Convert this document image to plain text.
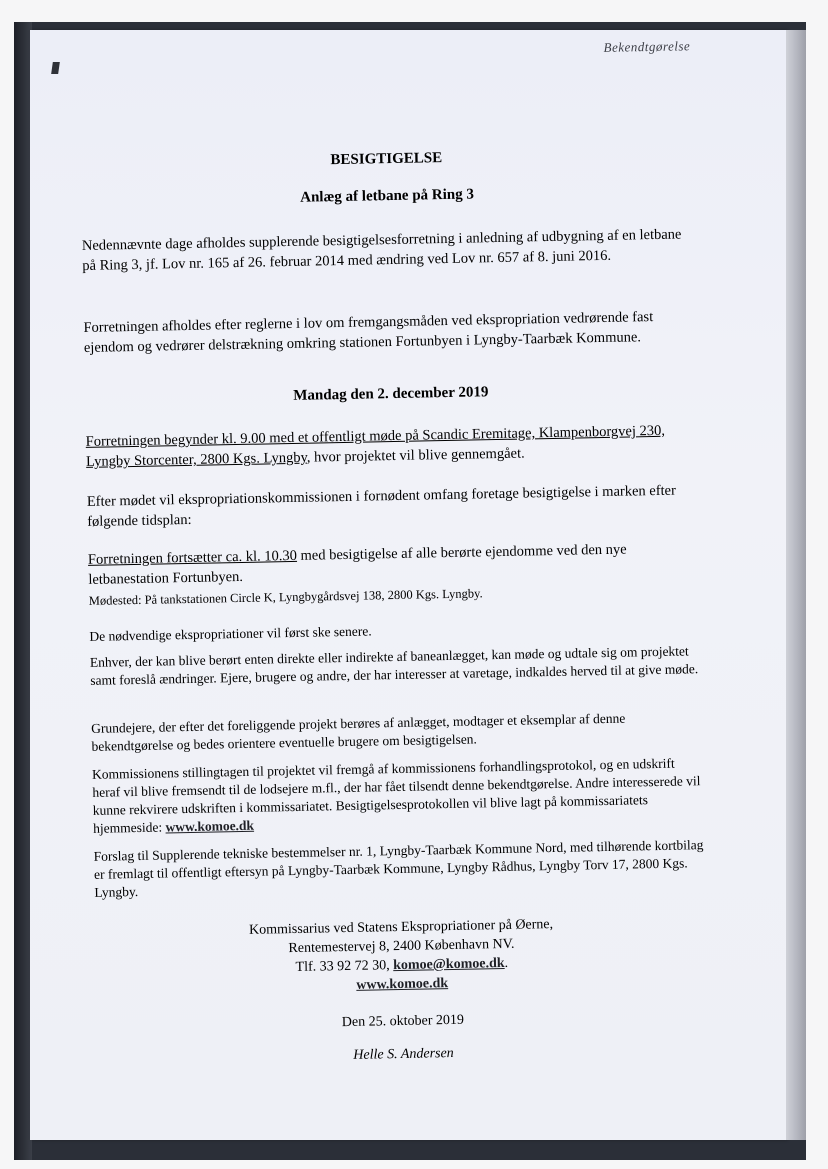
Bekendtgørelse
BESIGTIGELSE
Anlæg af letbane på Ring 3

Nedennævnte dage afholdes supplerende besigtigelsesforretning i anledning af udbygning af en letbane på Ring 3, jf. Lov nr. 165 af 26. februar 2014 med ændring ved Lov nr. 657 af 8. juni 2016.

Forretningen afholdes efter reglerne i lov om fremgangsmåden ved ekspropriation vedrørende fast ejendom og vedrører delstrækning omkring stationen Fortunbyen i Lyngby-Taarbæk Kommune.

Mandag den 2. december 2019

Forretningen begynder kl. 9.00 med et offentligt møde på Scandic Eremitage, Klampenborgvej 230, Lyngby Storcenter, 2800 Kgs. Lyngby, hvor projektet vil blive gennemgået.

Efter mødet vil ekspropriationskommissionen i fornødent omfang foretage besigtigelse i marken efter følgende tidsplan:

Forretningen fortsætter ca. kl. 10.30 med besigtigelse af alle berørte ejendomme ved den nye letbanestation Fortunbyen.

Mødested: På tankstationen Circle K, Lyngbygårdsvej 138, 2800 Kgs. Lyngby.

De nødvendige ekspropriationer vil først ske senere.

Enhver, der kan blive berørt enten direkte eller indirekte af baneanlægget, kan møde og udtale sig om projektet samt foreslå ændringer. Ejere, brugere og andre, der har interesser at varetage, indkaldes herved til at give møde.

Grundejere, der efter det foreliggende projekt berøres af anlægget, modtager et eksemplar af denne bekendtgørelse og bedes orientere eventuelle brugere om besigtigelsen.

Kommissionens stillingtagen til projektet vil fremgå af kommissionens forhandlingsprotokol, og en udskrift heraf vil blive fremsendt til de lodsejere m.fl., der har fået tilsendt denne bekendtgørelse. Andre interesserede vil kunne rekvirere udskriften i kommissariatet. Besigtigelsesprotokollen vil blive lagt på kommissariatets hjemmeside: www.komoe.dk

Forslag til Supplerende tekniske bestemmelser nr. 1, Lyngby-Taarbæk Kommune Nord, med tilhørende kortbilag er fremlagt til offentligt eftersyn på Lyngby-Taarbæk Kommune, Lyngby Rådhus, Lyngby Torv 17, 2800 Kgs. Lyngby.

Kommissarius ved Statens Ekspropriationer på Øerne,
Rentemestervej 8, 2400 København NV.
Tlf. 33 92 72 30, komoe@komoe.dk.
www.komoe.dk
Den 25. oktober 2019
Helle S. Andersen
